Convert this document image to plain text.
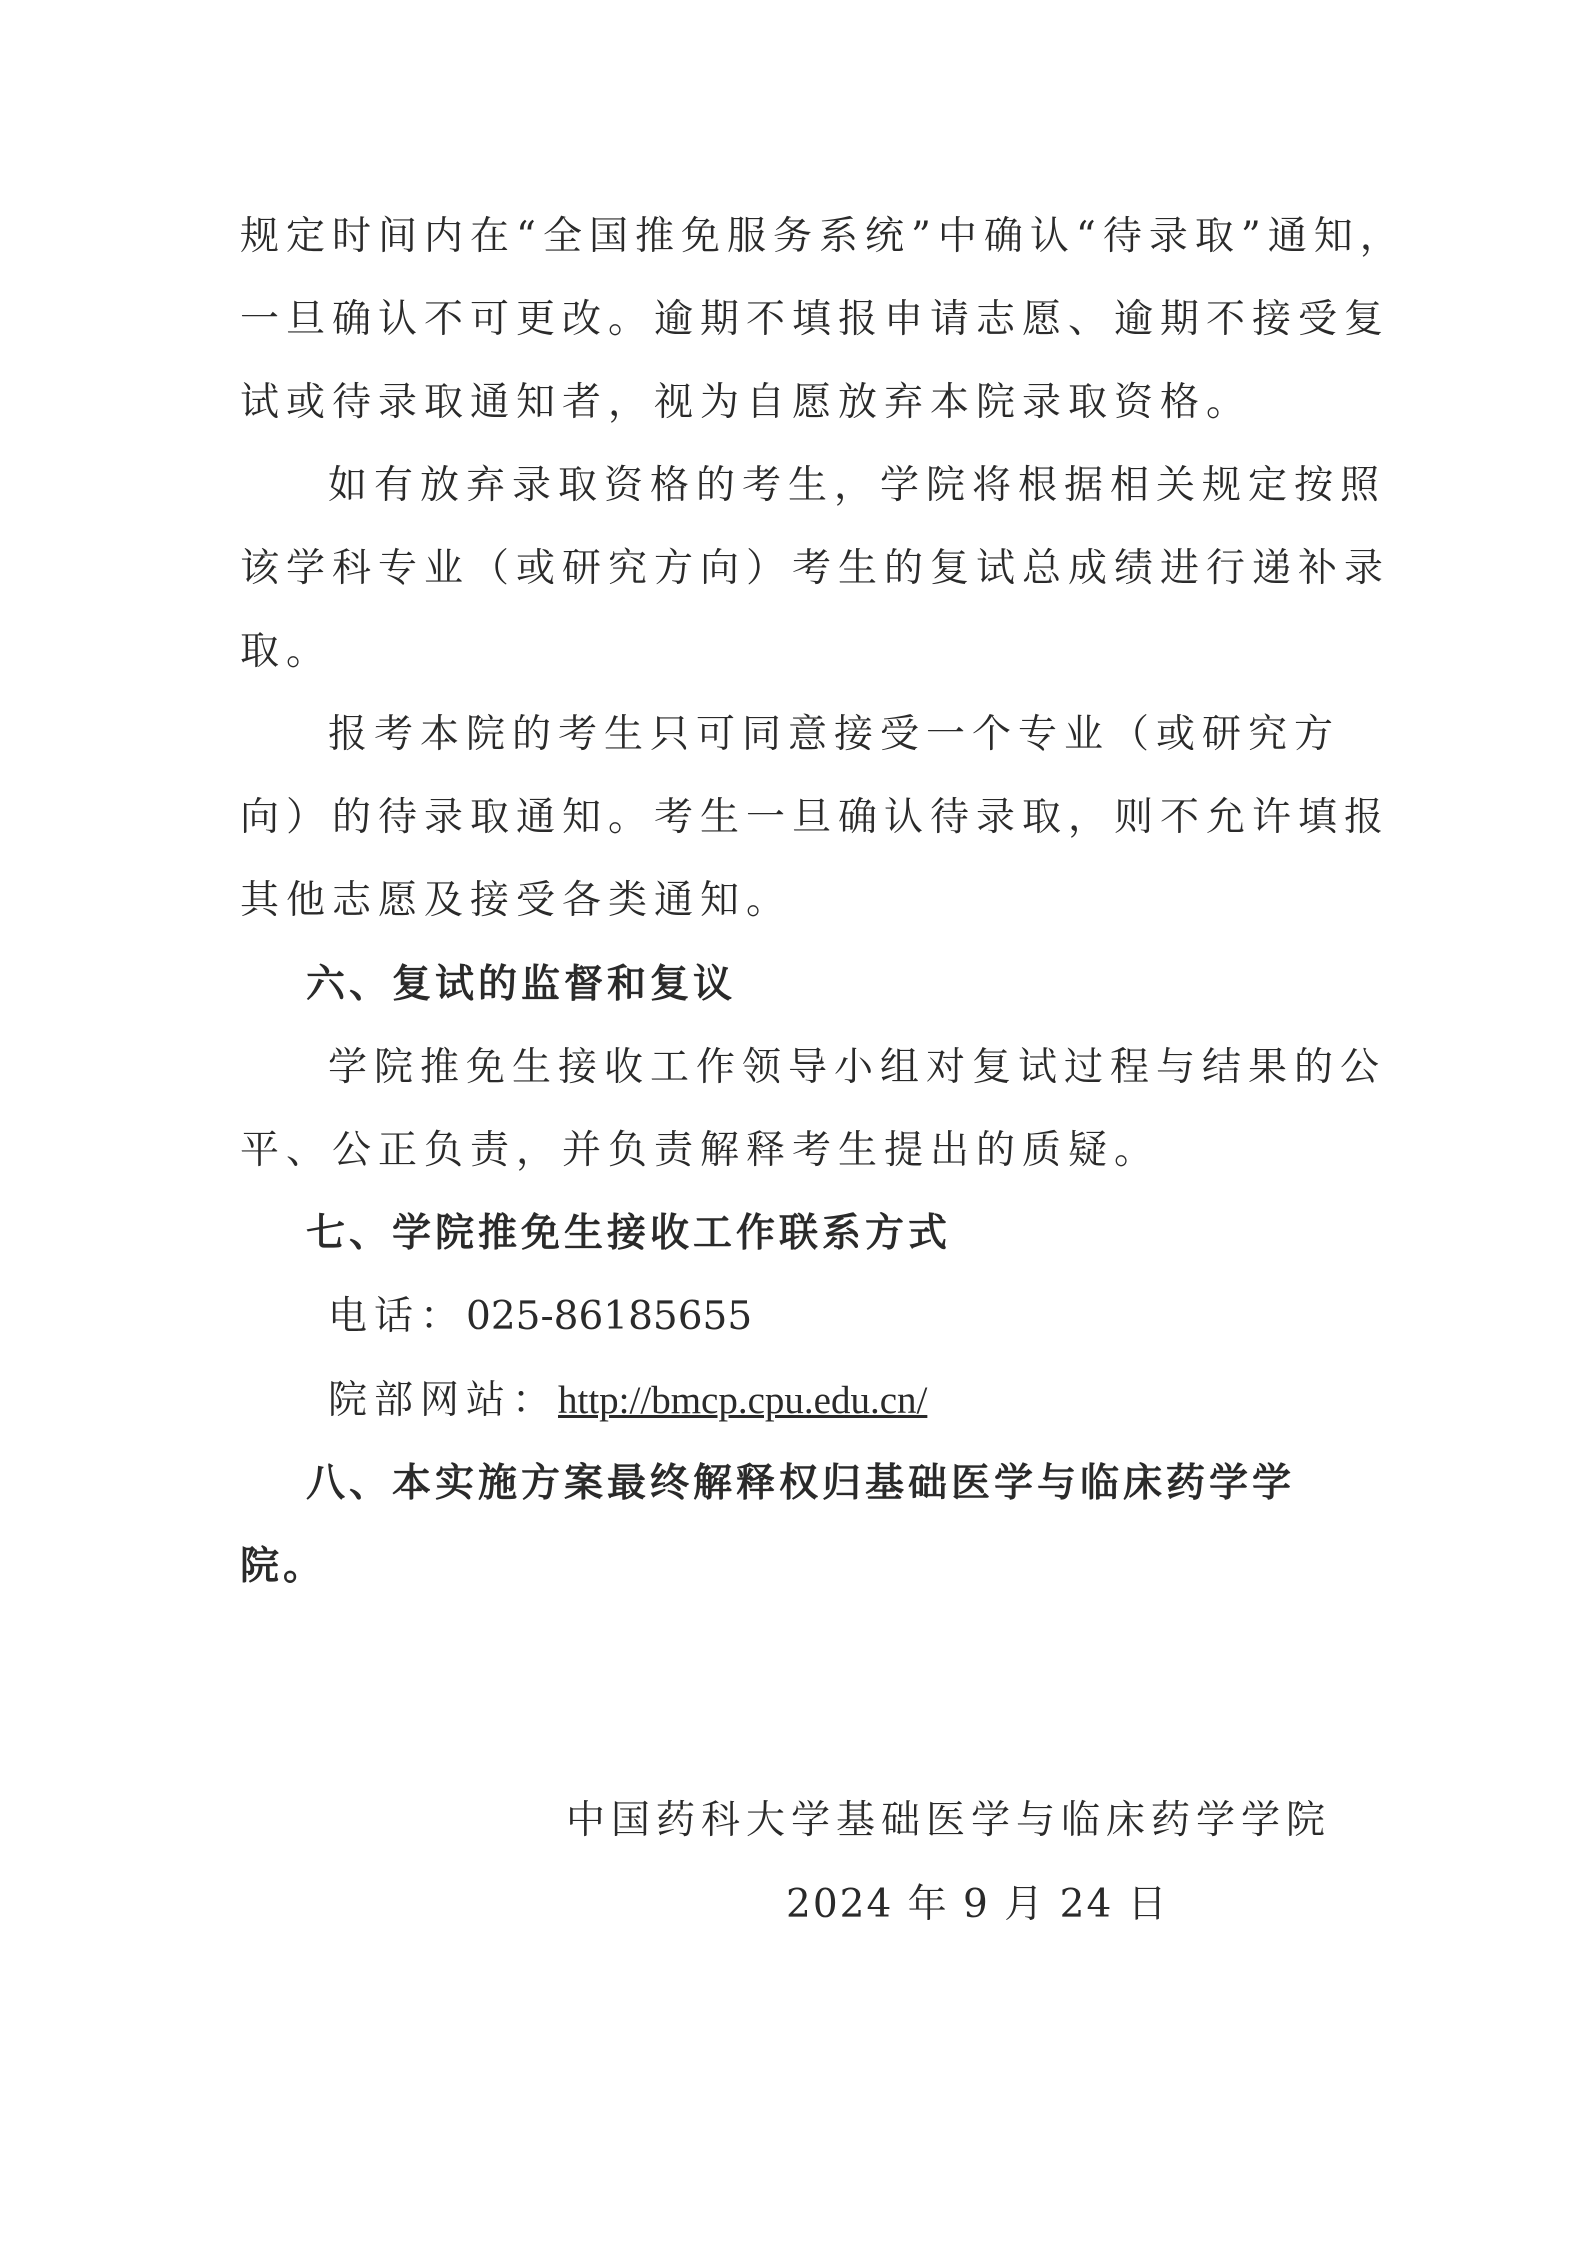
规定时间内在“全国推免服务系统”中确认“待录取”通知，

一旦确认不可更改。逾期不填报申请志愿、逾期不接受复

试或待录取通知者，视为自愿放弃本院录取资格。

如有放弃录取资格的考生，学院将根据相关规定按照

该学科专业（或研究方向）考生的复试总成绩进行递补录

取。

报考本院的考生只可同意接受一个专业（或研究方

向）的待录取通知。考生一旦确认待录取，则不允许填报

其他志愿及接受各类通知。

六、复试的监督和复议

学院推免生接收工作领导小组对复试过程与结果的公

平、公正负责，并负责解释考生提出的质疑。

七、学院推免生接收工作联系方式

电话：025-86185655

院部网站：http://bmcp.cpu.edu.cn/

八、本实施方案最终解释权归基础医学与临床药学学

院。

中国药科大学基础医学与临床药学学院

2024 年 9 月 24 日
